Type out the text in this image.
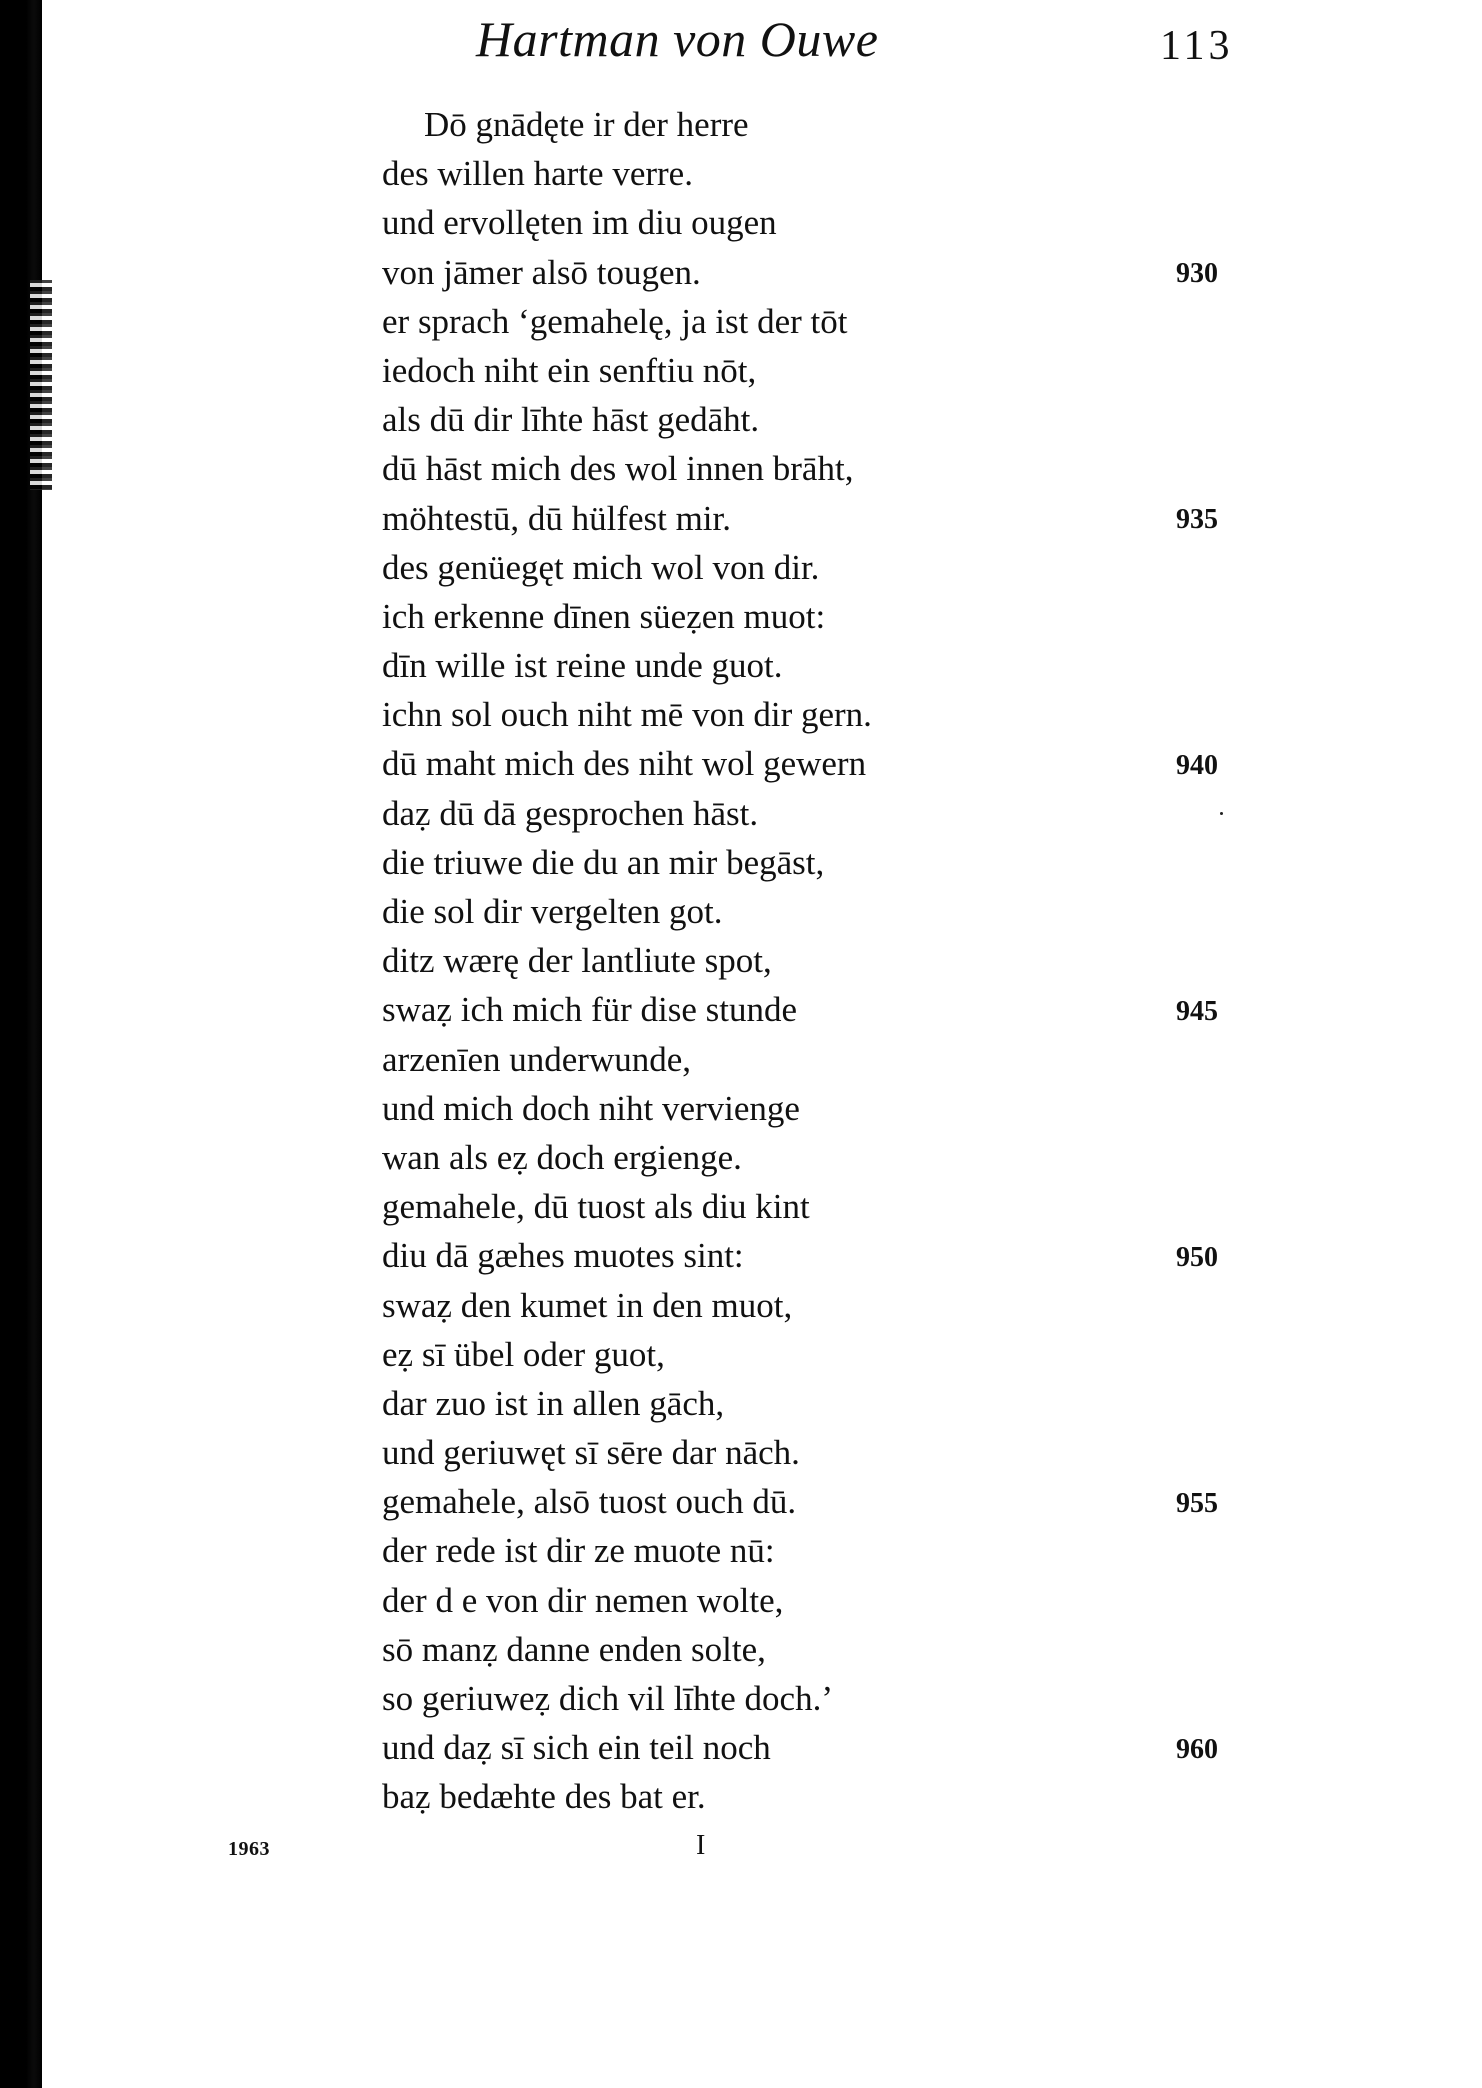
Hartman von Ouwe	113
Dō gnādęte ir der herre
des willen harte verre.
und ervollęten im diu ougen
von jāmer alsō tougen.
er sprach ‘gemahelę, ja ist der tōt
iedoch niht ein senftiu nōt,
als dū dir līhte hāst gedāht.
dū hāst mich des wol innen brāht,
möhtestū, dū hülfest mir.
des genüegęt mich wol von dir.
ich erkenne dīnen süeẓen muot:
dīn wille ist reine unde guot.
ichn sol ouch niht mē von dir gern.
dū maht mich des niht wol gewern
daẓ dū dā gesprochen hāst.
die triuwe die du an mir begāst,
die sol dir vergelten got.
ditz wærę der lantliute spot,
swaẓ ich mich für dise stunde
arzenīen underwunde,
und mich doch niht verviengе
wan als eẓ doch ergienge.
gemahele, dū tuost als diu kint
diu dā gæhes muotes sint:
swaẓ den kumet in den muot,
eẓ sī übel oder guot,
dar zuo ist in allen gāch,
und geriuwęt sī sēre dar nāch.
gemahele, alsō tuost ouch dū.
der rede ist dir ze muote nū:
der d e von dir nemen wolte,
sō manẓ danne enden solte,
so geriuweẓ dich vil līhte doch.’
und daẓ sī sich ein teil noch
baẓ bedæhte des bat er.
930
935
940
945
950
955
960
1963	I
